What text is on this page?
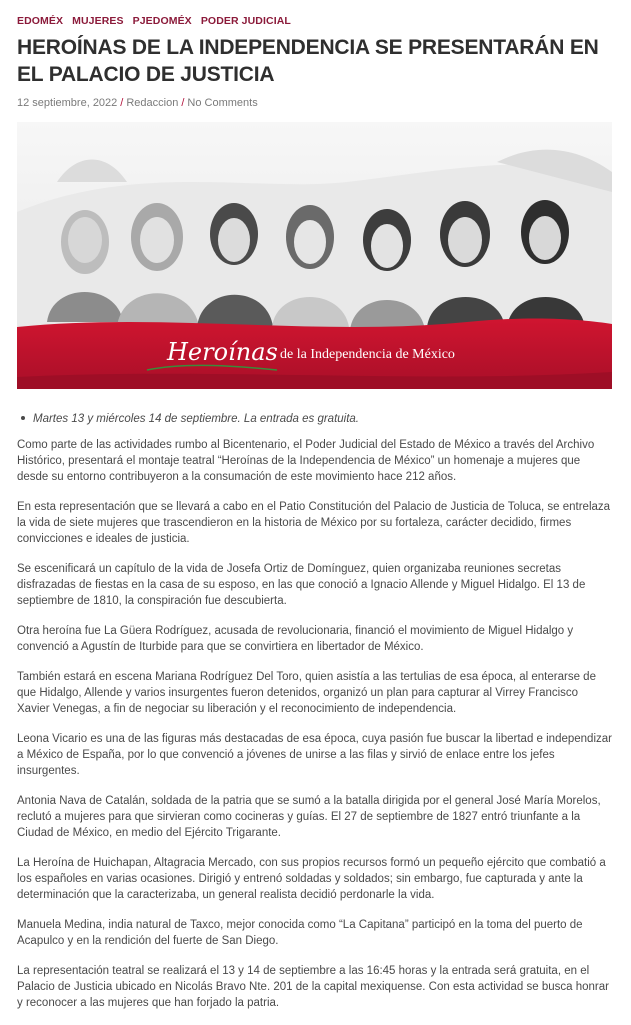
EDOMÉX MUJERES PJEDOMÉX PODER JUDICIAL
HEROÍNAS DE LA INDEPENDENCIA SE PRESENTARÁN EN EL PALACIO DE JUSTICIA
12 septiembre, 2022 / Redaccion / No Comments
Heroínas de la Independencia de México
Martes 13 y miércoles 14 de septiembre. La entrada es gratuita.

Como parte de las actividades rumbo al Bicentenario, el Poder Judicial del Estado de México a través del Archivo Histórico, presentará el montaje teatral “Heroínas de la Independencia de México” un homenaje a mujeres que desde su entorno contribuyeron a la consumación de este movimiento hace 212 años.

En esta representación que se llevará a cabo en el Patio Constitución del Palacio de Justicia de Toluca, se entrelaza la vida de siete mujeres que trascendieron en la historia de México por su fortaleza, carácter decidido, firmes convicciones e ideales de justicia.

Se escenificará un capítulo de la vida de Josefa Ortiz de Domínguez, quien organizaba reuniones secretas disfrazadas de fiestas en la casa de su esposo, en las que conoció a Ignacio Allende y Miguel Hidalgo. El 13 de septiembre de 1810, la conspiración fue descubierta.

Otra heroína fue La Güera Rodríguez, acusada de revolucionaria, financió el movimiento de Miguel Hidalgo y convenció a Agustín de Iturbide para que se convirtiera en libertador de México.

También estará en escena Mariana Rodríguez Del Toro, quien asistía a las tertulias de esa época, al enterarse de que Hidalgo, Allende y varios insurgentes fueron detenidos, organizó un plan para capturar al Virrey Francisco Xavier Venegas, a fin de negociar su liberación y el reconocimiento de independencia.

Leona Vicario es una de las figuras más destacadas de esa época, cuya pasión fue buscar la libertad e independizar a México de España, por lo que convenció a jóvenes de unirse a las filas y sirvió de enlace entre los jefes insurgentes.

Antonia Nava de Catalán, soldada de la patria que se sumó a la batalla dirigida por el general José María Morelos, reclutó a mujeres para que sirvieran como cocineras y guías. El 27 de septiembre de 1827 entró triunfante a la Ciudad de México, en medio del Ejército Trigarante.

La Heroína de Huichapan, Altagracia Mercado, con sus propios recursos formó un pequeño ejército que combatió a los españoles en varias ocasiones. Dirigió y entrenó soldadas y soldados; sin embargo, fue capturada y ante la determinación que la caracterizaba, un general realista decidió perdonarle la vida.

Manuela Medina, india natural de Taxco, mejor conocida como “La Capitana” participó en la toma del puerto de Acapulco y en la rendición del fuerte de San Diego.

La representación teatral se realizará el 13 y 14 de septiembre a las 16:45 horas y la entrada será gratuita, en el Palacio de Justicia ubicado en Nicolás Bravo Nte. 201 de la capital mexiquense. Con esta actividad se busca honrar y reconocer a las mujeres que han forjado la patria.
